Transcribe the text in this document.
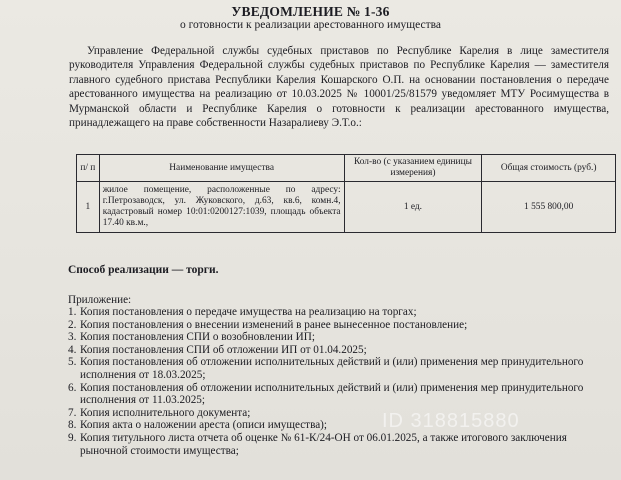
УВЕДОМЛЕНИЕ № 1-36
о готовности к реализации арестованного имущества
Управление Федеральной службы судебных приставов по Республике Карелия в лице заместителя руководителя Управления Федеральной службы судебных приставов по Республике Карелия — заместителя главного судебного пристава Республики Карелия Кошарского О.П. на основании постановления о передаче арестованного имущества на реализацию от 10.03.2025 № 10001/25/81579 уведомляет МТУ Росимущества в Мурманской области и Республике Карелия о готовности к реализации арестованного имущества, принадлежащего на праве собственности Назаралиеву Э.Т.о.:
п/ п	Наименование имущества	Кол-во (с указанием единицы измерения)	Общая стоимость (руб.)
1	жилое помещение, расположенные по адресу: г.Петрозаводск, ул. Жуковского, д.63, кв.6, комн.4, кадастровый номер 10:01:0200127:1039, площадь объекта 17.40 кв.м.,	1 ед.	1 555 800,00
Способ реализации — торги.
Приложение:
1. Копия постановления о передаче имущества на реализацию на торгах;
2. Копия постановления о внесении изменений в ранее вынесенное постановление;
3. Копия постановления СПИ о возобновлении ИП;
4. Копия постановления СПИ об отложении ИП от 01.04.2025;
5. Копия постановления об отложении исполнительных действий и (или) применения мер принудительного исполнения от 18.03.2025;
6. Копия постановления об отложении исполнительных действий и (или) применения мер принудительного исполнения от 11.03.2025;
7. Копия исполнительного документа;
8. Копия акта о наложении ареста (описи имущества);
9. Копия титульного листа отчета об оценке № 61-К/24-ОН от 06.01.2025, а также итогового заключения рыночной стоимости имущества;
ID 318815880
